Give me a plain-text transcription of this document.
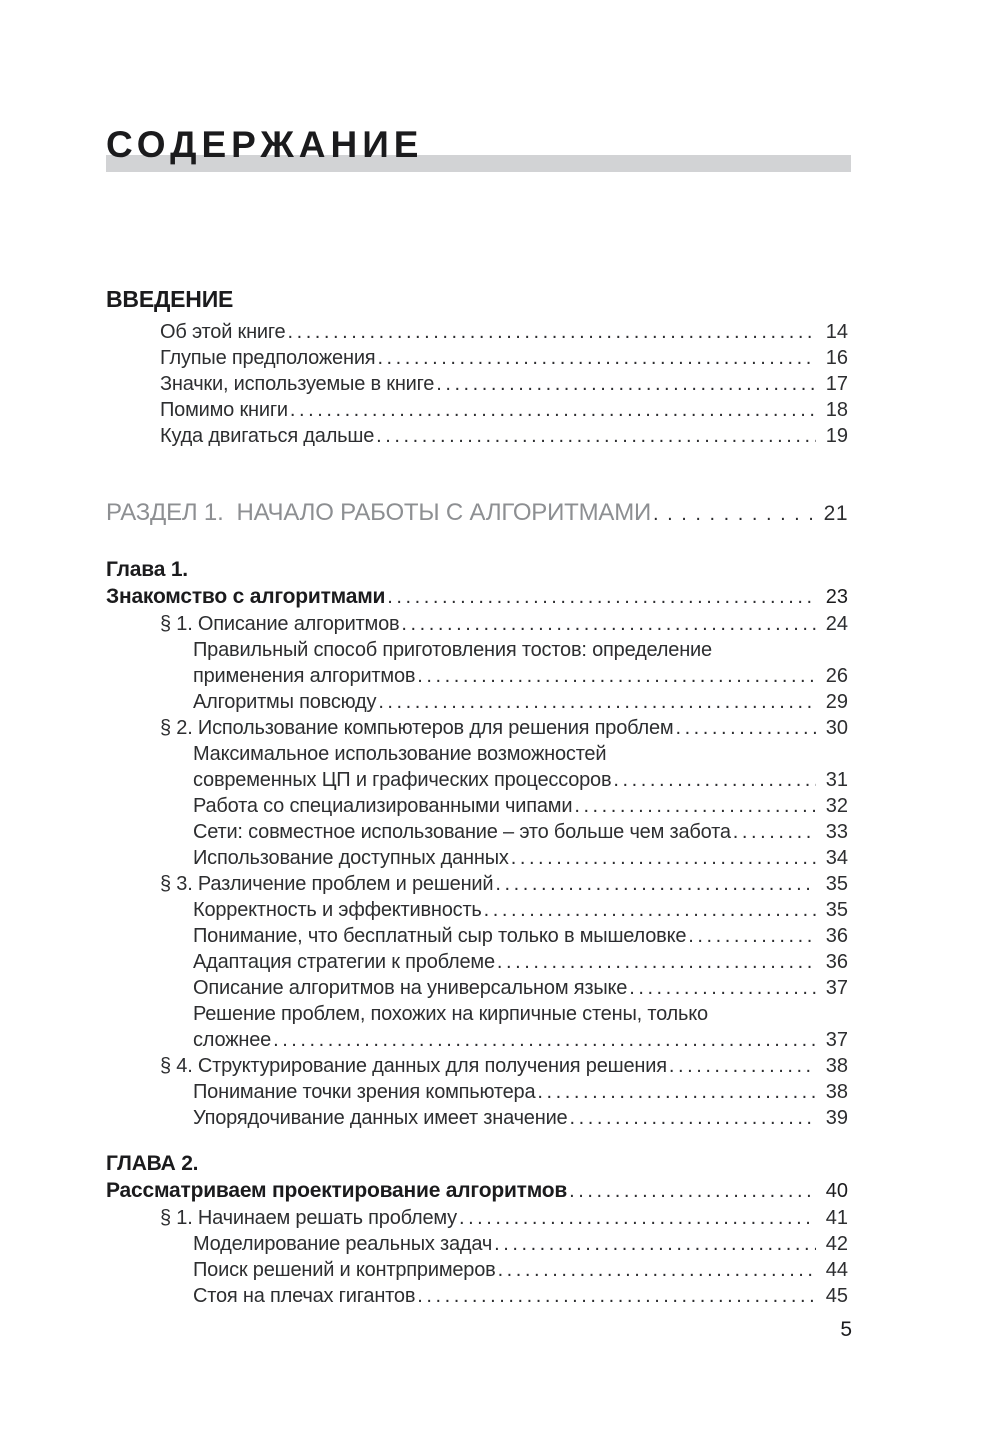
СОДЕРЖАНИЕ
ВВЕДЕНИЕ
Об этой книге . . .	14
Глупые предположения . . .	16
Значки, используемые в книге . . .	17
Помимо книги . . .	18
Куда двигаться дальше . . .	19
РАЗДЕЛ 1.  НАЧАЛО РАБОТЫ С АЛГОРИТМАМИ . . .	21
Глава 1.
Знакомство с алгоритмами . . .	23
§ 1. Описание алгоритмов . . .	24
Правильный способ приготовления тостов: определение
применения алгоритмов . . .	26
Алгоритмы повсюду . . .	29
§ 2. Использование компьютеров для решения проблем . . .	30
Максимальное использование возможностей
современных ЦП и графических процессоров . . .	31
Работа со специализированными чипами . . .	32
Сети: совместное использование – это больше чем забота . . .	33
Использование доступных данных . . .	34
§ 3. Различение проблем и решений . . .	35
Корректность и эффективность . . .	35
Понимание, что бесплатный сыр только в мышеловке . . .	36
Адаптация стратегии к проблеме . . .	36
Описание алгоритмов на универсальном языке . . .	37
Решение проблем, похожих на кирпичные стены, только
сложнее . . .	37
§ 4. Структурирование данных для получения решения . . .	38
Понимание точки зрения компьютера . . .	38
Упорядочивание данных имеет значение . . .	39
ГЛАВА 2.
Рассматриваем проектирование алгоритмов . . .	40
§ 1. Начинаем решать проблему . . .	41
Моделирование реальных задач . . .	42
Поиск решений и контрпримеров . . .	44
Стоя на плечах гигантов . . .	45
5
